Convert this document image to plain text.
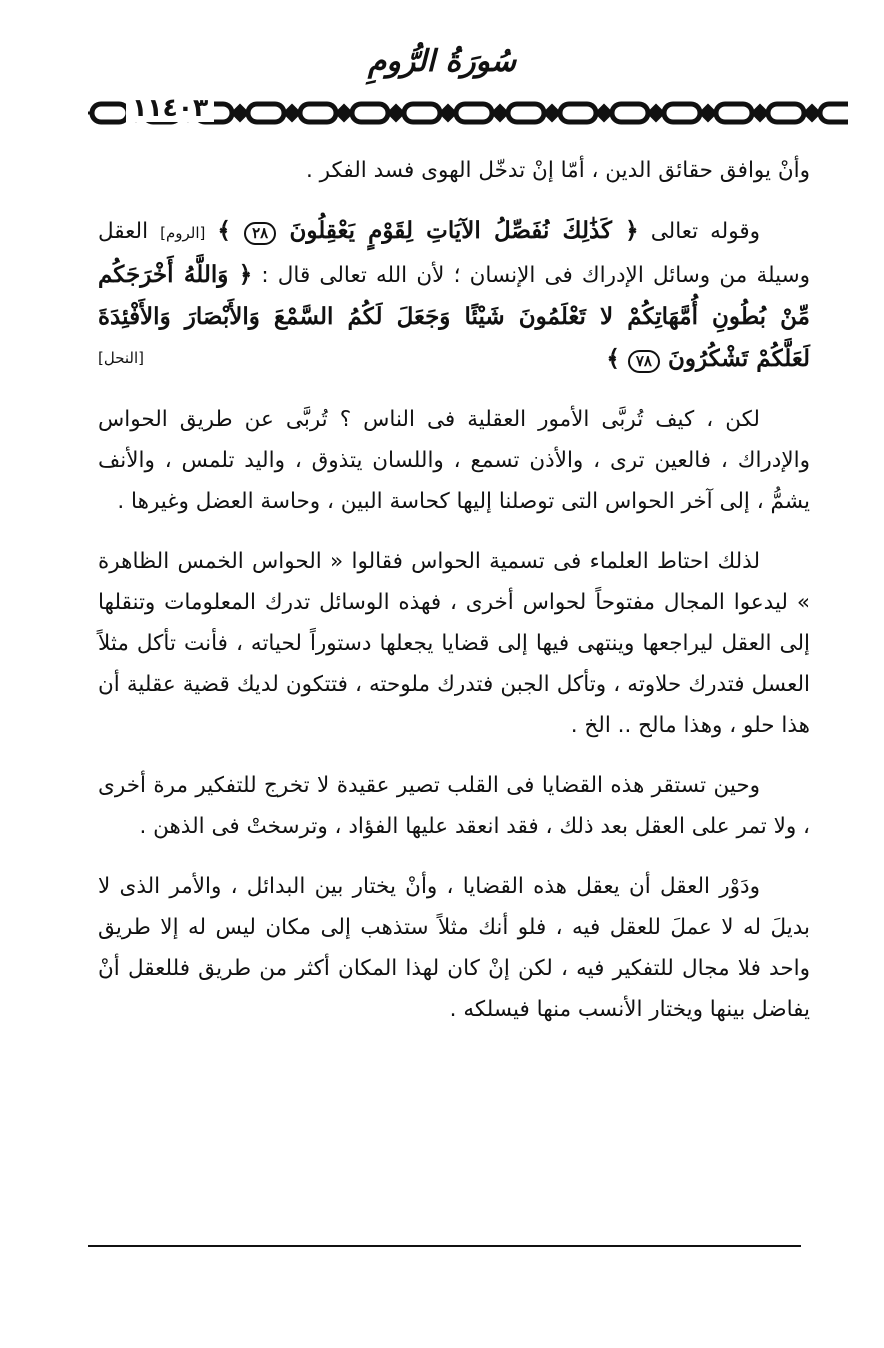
سُورَةُ الرُّومِ
١١٤٠٣

وأنْ يوافق حقائق الدين ، أمّا إنْ تدخّل الهوى فسد الفكر .

وقوله تعالى ﴿ كَذَٰلِكَ نُفَصِّلُ الآيَاتِ لِقَوْمٍ يَعْقِلُونَ ٢٨ ﴾ [الروم] العقل وسيلة من وسائل الإدراك فى الإنسان ؛ لأن الله تعالى قال : ﴿ وَاللَّهُ أَخْرَجَكُم مِّنْ بُطُونِ أُمَّهَاتِكُمْ لا تَعْلَمُونَ شَيْئًا وَجَعَلَ لَكُمُ السَّمْعَ وَالأَبْصَارَ وَالأَفْئِدَةَ لَعَلَّكُمْ تَشْكُرُونَ ٧٨ ﴾
[النحل]

لكن ، كيف تُربَّى الأمور العقلية فى الناس ؟ تُربَّى عن طريق الحواس والإدراك ، فالعين ترى ، والأذن تسمع ، واللسان يتذوق ، واليد تلمس ، والأنف يشمُّ ، إلى آخر الحواس التى توصلنا إليها كحاسة البين ، وحاسة العضل وغيرها .

لذلك احتاط العلماء فى تسمية الحواس فقالوا « الحواس الخمس الظاهرة » ليدعوا المجال مفتوحاً لحواس أخرى ، فهذه الوسائل تدرك المعلومات وتنقلها إلى العقل ليراجعها وينتهى فيها إلى قضايا يجعلها دستوراً لحياته ، فأنت تأكل مثلاً العسل فتدرك حلاوته ، وتأكل الجبن فتدرك ملوحته ، فتتكون لديك قضية عقلية أن هذا حلو ، وهذا مالح .. الخ .

وحين تستقر هذه القضايا فى القلب تصير عقيدة لا تخرج للتفكير مرة أخرى ، ولا تمر على العقل بعد ذلك ، فقد انعقد عليها الفؤاد ، وترسختْ فى الذهن .

ودَوْر العقل أن يعقل هذه القضايا ، وأنْ يختار بين البدائل ، والأمر الذى لا بديلَ له لا عملَ للعقل فيه ، فلو أنك مثلاً ستذهب إلى مكان ليس له إلا طريق واحد فلا مجال للتفكير فيه ، لكن إنْ كان لهذا المكان أكثر من طريق فللعقل أنْ يفاضل بينها ويختار الأنسب منها فيسلكه .
